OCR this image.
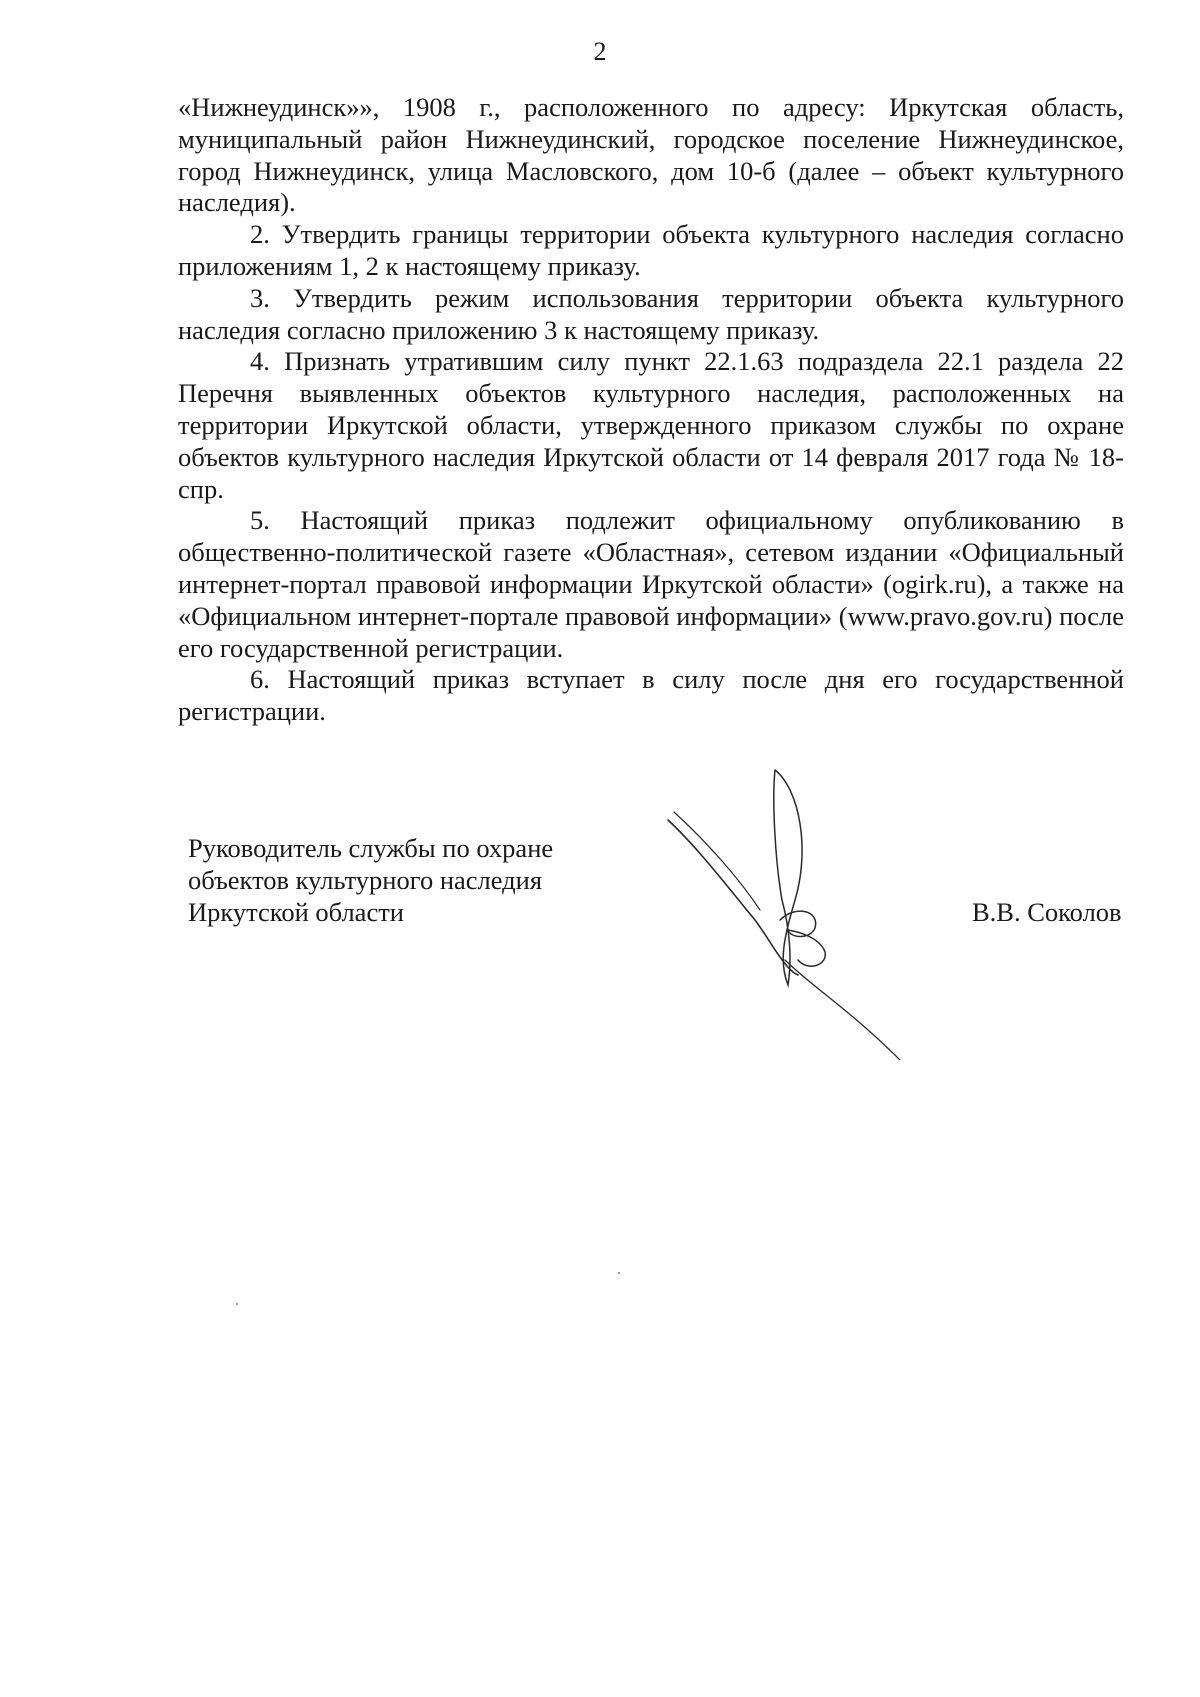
2

«Нижнеудинск»», 1908 г., расположенного по адресу: Иркутская область, муниципальный район Нижнеудинский, городское поселение Нижнеудинское, город Нижнеудинск, улица Масловского, дом 10-б (далее – объект культурного наследия).

2. Утвердить границы территории объекта культурного наследия согласно приложениям 1, 2 к настоящему приказу.

3. Утвердить режим использования территории объекта культурного наследия согласно приложению 3 к настоящему приказу.

4. Признать утратившим силу пункт 22.1.63 подраздела 22.1 раздела 22 Перечня выявленных объектов культурного наследия, расположенных на территории Иркутской области, утвержденного приказом службы по охране объектов культурного наследия Иркутской области от 14 февраля 2017 года № 18-спр.

5. Настоящий приказ подлежит официальному опубликованию в общественно-политической газете «Областная», сетевом издании «Официальный интернет-портал правовой информации Иркутской области» (ogirk.ru), а также на «Официальном интернет-портале правовой информации» (www.pravo.gov.ru) после его государственной регистрации.

6. Настоящий приказ вступает в силу после дня его государственной регистрации.

Руководитель службы по охране
объектов культурного наследия
Иркутской области	В.В. Соколов
